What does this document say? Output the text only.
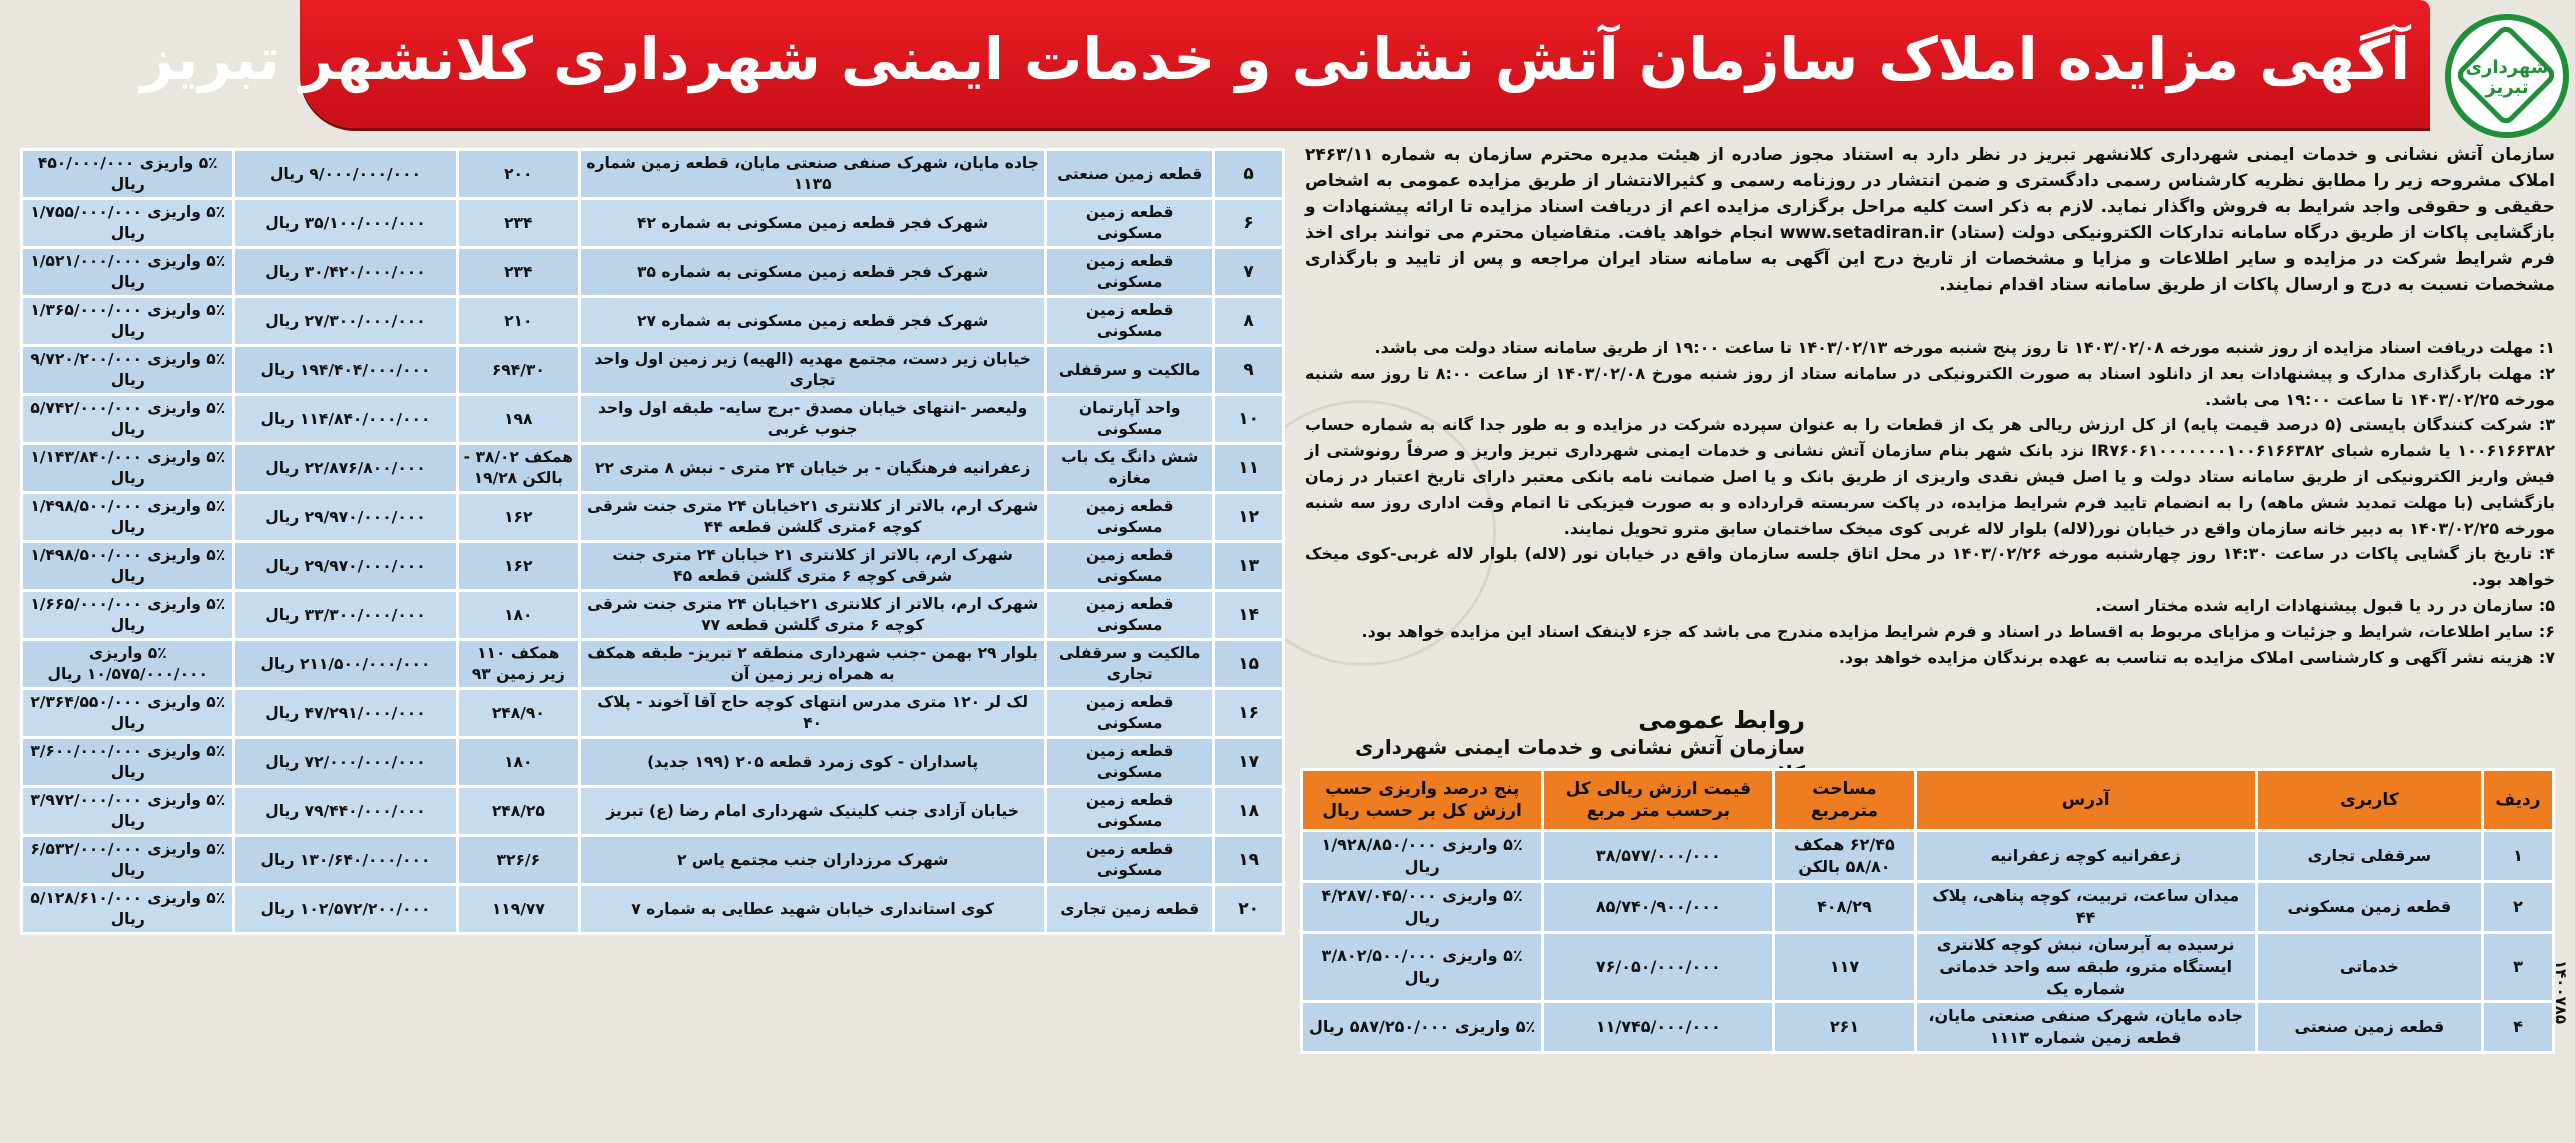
آگهی مزایده املاک سازمان آتش نشانی و خدمات ایمنی شهرداری کلانشهر تبریز	شهرداری تبریز

سازمان آتش نشانی و خدمات ایمنی شهرداری کلانشهر تبریز در نظر دارد به استناد مجوز صادره از هیئت مدیره محترم سازمان به شماره ۲۴۶۳/۱۱ املاک مشروحه زیر را مطابق نظریه کارشناس رسمی دادگستری و ضمن انتشار در روزنامه رسمی و کثیرالانتشار از طریق مزایده عمومی به اشخاص حقیقی و حقوقی واجد شرایط به فروش واگذار نماید. لازم به ذکر است کلیه مراحل برگزاری مزایده اعم از دریافت اسناد مزایده تا ارائه پیشنهادات و بازگشایی پاکات از طریق درگاه سامانه تدارکات الکترونیکی دولت (ستاد) www.setadiran.ir انجام خواهد یافت. متقاضیان محترم می توانند برای اخذ فرم شرایط شرکت در مزایده و سایر اطلاعات و مزایا و مشخصات از تاریخ درج این آگهی به سامانه ستاد ایران مراجعه و پس از تایید و بارگذاری مشخصات نسبت به درج و ارسال پاکات از طریق سامانه ستاد اقدام نمایند.

۱: مهلت دریافت اسناد مزایده از روز شنبه مورخه ۱۴۰۳/۰۲/۰۸ تا روز پنج شنبه مورخه ۱۴۰۳/۰۲/۱۳ تا ساعت ۱۹:۰۰ از طریق سامانه ستاد دولت می باشد.
۲: مهلت بارگذاری مدارک و پیشنهادات بعد از دانلود اسناد به صورت الکترونیکی در سامانه ستاد از روز شنبه مورخ ۱۴۰۳/۰۲/۰۸ از ساعت ۸:۰۰ تا روز سه شنبه مورخه ۱۴۰۳/۰۲/۲۵ تا ساعت ۱۹:۰۰ می باشد.
۳: شرکت کنندگان بایستی (۵ درصد قیمت پایه) از کل ارزش ریالی هر یک از قطعات را به عنوان سپرده شرکت در مزایده و به طور جدا گانه به شماره حساب ۱۰۰۶۱۶۶۳۸۲ یا شماره شبای IR۷۶۰۶۱۰۰۰۰۰۰۰۱۰۰۶۱۶۶۳۸۲ نزد بانک شهر بنام سازمان آتش نشانی و خدمات ایمنی شهرداری تبریز واریز و صرفاً رونوشتی از فیش واریز الکترونیکی از طریق سامانه ستاد دولت و یا اصل فیش نقدی واریزی از طریق بانک و یا اصل ضمانت نامه بانکی معتبر دارای تاریخ اعتبار در زمان بازگشایی (با مهلت تمدید شش ماهه) را به انضمام تایید فرم شرایط مزایده، در پاکت سربسته قرارداده و به صورت فیزیکی تا اتمام وقت اداری روز سه شنبه مورخه ۱۴۰۳/۰۲/۲۵ به دبیر خانه سازمان واقع در خیابان نور(لاله) بلوار لاله غربی کوی میخک ساختمان سابق مترو تحویل نمایند.
۴: تاریخ باز گشایی پاکات در ساعت ۱۴:۳۰ روز چهارشنبه مورخه ۱۴۰۳/۰۲/۲۶ در محل اتاق جلسه سازمان واقع در خیابان نور (لاله) بلوار لاله غربی-کوی میخک خواهد بود.
۵: سازمان در رد یا قبول پیشنهادات ارایه شده مختار است.
۶: سایر اطلاعات، شرایط و جزئیات و مزایای مربوط به اقساط در اسناد و فرم شرایط مزایده مندرج می باشد که جزء لاینفک اسناد این مزایده خواهد بود.
۷: هزینه نشر آگهی و کارشناسی املاک مزایده به تناسب به عهده برندگان مزایده خواهد بود.
روابط عمومی
سازمان آتش نشانی و خدمات ایمنی شهرداری
ردیف	کاربری	آدرس	مساحت مترمربع	قیمت ارزش ریالی کل برحسب متر مربع	پنج درصد واریزی حسب ارزش کل بر حسب ریال
۱	سرقفلی تجاری	زعفرانیه کوچه زعفرانیه	۶۲/۴۵ همکف ۵۸/۸۰ بالکن	۳۸/۵۷۷/۰۰۰/۰۰۰	۵٪ واریزی ۱/۹۲۸/۸۵۰/۰۰۰ ریال
۲	قطعه زمین مسکونی	میدان ساعت، تربیت، کوچه پناهی، پلاک ۴۴	۴۰۸/۲۹	۸۵/۷۴۰/۹۰۰/۰۰۰	۵٪ واریزی ۴/۲۸۷/۰۴۵/۰۰۰ ریال
۳	خدماتی	نرسیده به آبرسان، نبش کوچه کلانتری ایستگاه مترو، طبقه سه واحد خدماتی شماره یک	۱۱۷	۷۶/۰۵۰/۰۰۰/۰۰۰	۵٪ واریزی ۳/۸۰۲/۵۰۰/۰۰۰ ریال
۴	قطعه زمین صنعتی	جاده مایان، شهرک صنفی صنعتی مایان، قطعه زمین شماره ۱۱۱۳	۲۶۱	۱۱/۷۴۵/۰۰۰/۰۰۰	۵٪ واریزی ۵۸۷/۲۵۰/۰۰۰ ریال
۵	قطعه زمین صنعتی	جاده مایان، شهرک صنفی صنعتی مایان، قطعه زمین شماره ۱۱۳۵	۲۰۰	۹/۰۰۰/۰۰۰/۰۰۰ ریال	۵٪ واریزی ۴۵۰/۰۰۰/۰۰۰ ریال
۶	قطعه زمین مسکونی	شهرک فجر قطعه زمین مسکونی به شماره ۴۲	۲۳۴	۳۵/۱۰۰/۰۰۰/۰۰۰ ریال	۵٪ واریزی ۱/۷۵۵/۰۰۰/۰۰۰ ریال
۷	قطعه زمین مسکونی	شهرک فجر قطعه زمین مسکونی به شماره ۳۵	۲۳۴	۳۰/۴۲۰/۰۰۰/۰۰۰ ریال	۵٪ واریزی ۱/۵۲۱/۰۰۰/۰۰۰ ریال
۸	قطعه زمین مسکونی	شهرک فجر قطعه زمین مسکونی به شماره ۲۷	۲۱۰	۲۷/۳۰۰/۰۰۰/۰۰۰ ریال	۵٪ واریزی ۱/۳۶۵/۰۰۰/۰۰۰ ریال
۹	مالکیت و سرقفلی	خیابان زیر دست، مجتمع مهدیه (الهیه) زیر زمین اول واحد تجاری	۶۹۴/۳۰	۱۹۴/۴۰۴/۰۰۰/۰۰۰ ریال	۵٪ واریزی ۹/۷۲۰/۲۰۰/۰۰۰ ریال
۱۰	واحد آپارتمان مسکونی	ولیعصر -انتهای خیابان مصدق -برج سایه- طبقه اول واحد جنوب غربی	۱۹۸	۱۱۴/۸۴۰/۰۰۰/۰۰۰ ریال	۵٪ واریزی ۵/۷۴۲/۰۰۰/۰۰۰ ریال
۱۱	شش دانگ یک باب مغازه	زعفرانیه فرهنگیان - بر خیابان ۲۴ متری - نبش ۸ متری ۲۲	همکف ۳۸/۰۲ - بالکن ۱۹/۲۸	۲۲/۸۷۶/۸۰۰/۰۰۰ ریال	۵٪ واریزی ۱/۱۴۳/۸۴۰/۰۰۰ ریال
۱۲	قطعه زمین مسکونی	شهرک ارم، بالاتر از کلانتری ۲۱خیابان ۲۴ متری جنت شرقی کوچه ۶متری گلشن قطعه ۴۴	۱۶۲	۲۹/۹۷۰/۰۰۰/۰۰۰ ریال	۵٪ واریزی ۱/۴۹۸/۵۰۰/۰۰۰ ریال
۱۳	قطعه زمین مسکونی	شهرک ارم، بالاتر از کلانتری ۲۱ خیابان ۲۴ متری جنت شرقی کوچه ۶ متری گلشن قطعه ۴۵	۱۶۲	۲۹/۹۷۰/۰۰۰/۰۰۰ ریال	۵٪ واریزی ۱/۴۹۸/۵۰۰/۰۰۰ ریال
۱۴	قطعه زمین مسکونی	شهرک ارم، بالاتر از کلانتری ۲۱خیابان ۲۴ متری جنت شرقی کوچه ۶ متری گلشن قطعه ۷۷	۱۸۰	۳۳/۳۰۰/۰۰۰/۰۰۰ ریال	۵٪ واریزی ۱/۶۶۵/۰۰۰/۰۰۰ ریال
۱۵	مالکیت و سرقفلی تجاری	بلوار ۲۹ بهمن -جنب شهرداری منطقه ۲ تبریز- طبقه همکف به همراه زیر زمین آن	همکف ۱۱۰ زیر زمین ۹۳	۲۱۱/۵۰۰/۰۰۰/۰۰۰ ریال	۵٪ واریزی ۱۰/۵۷۵/۰۰۰/۰۰۰ ریال
۱۶	قطعه زمین مسکونی	لک لر ۱۲۰ متری مدرس انتهای کوچه حاج آقا آخوند - پلاک ۴۰	۲۴۸/۹۰	۴۷/۲۹۱/۰۰۰/۰۰۰ ریال	۵٪ واریزی ۲/۳۶۴/۵۵۰/۰۰۰ ریال
۱۷	قطعه زمین مسکونی	پاسداران - کوی زمرد قطعه ۲۰۵ (۱۹۹ جدید)	۱۸۰	۷۲/۰۰۰/۰۰۰/۰۰۰ ریال	۵٪ واریزی ۳/۶۰۰/۰۰۰/۰۰۰ ریال
۱۸	قطعه زمین مسکونی	خیابان آزادی جنب کلینیک شهرداری امام رضا (ع) تبریز	۲۴۸/۲۵	۷۹/۴۴۰/۰۰۰/۰۰۰ ریال	۵٪ واریزی ۳/۹۷۲/۰۰۰/۰۰۰ ریال
۱۹	قطعه زمین مسکونی	شهرک مرزداران جنب مجتمع یاس ۲	۳۲۶/۶	۱۳۰/۶۴۰/۰۰۰/۰۰۰ ریال	۵٪ واریزی ۶/۵۳۲/۰۰۰/۰۰۰ ریال
۲۰	قطعه زمین تجاری	کوی استانداری خیابان شهید عطایی به شماره ۷	۱۱۹/۷۷	۱۰۲/۵۷۲/۲۰۰/۰۰۰ ریال	۵٪ واریزی ۵/۱۲۸/۶۱۰/۰۰۰ ریال
۱۴۰۰۷۸۵
